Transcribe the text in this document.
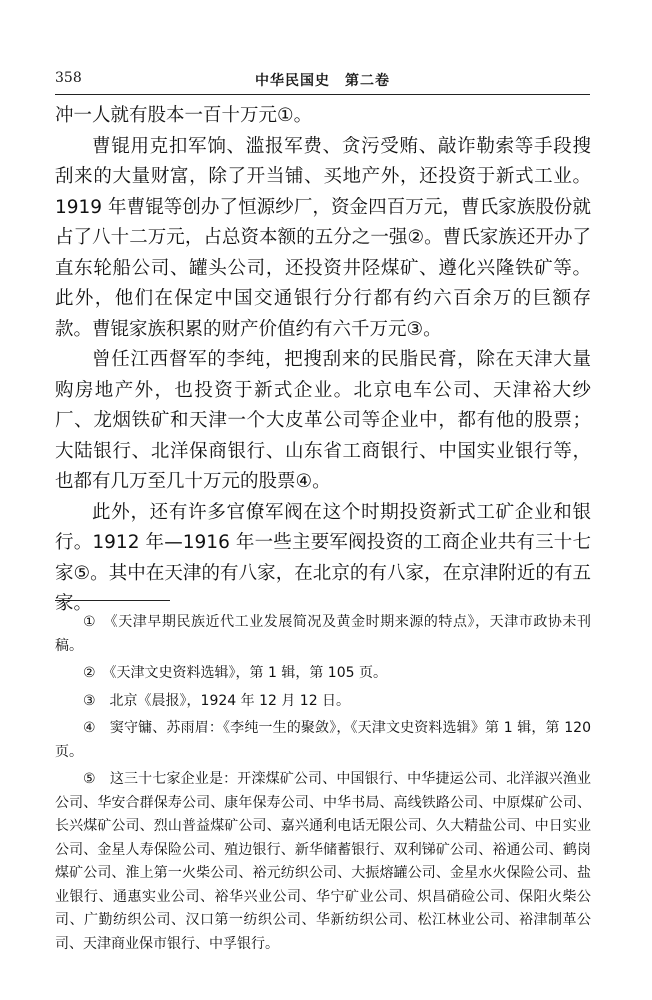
358	中华民国史　第二卷

冲一人就有股本一百十万元①。

曹锟用克扣军饷、滥报军费、贪污受贿、敲诈勒索等手段搜刮来的大量财富，除了开当铺、买地产外，还投资于新式工业。1919 年曹锟等创办了恒源纱厂，资金四百万元，曹氏家族股份就占了八十二万元，占总资本额的五分之一强②。曹氏家族还开办了直东轮船公司、罐头公司，还投资井陉煤矿、遵化兴隆铁矿等。此外，他们在保定中国交通银行分行都有约六百余万的巨额存款。曹锟家族积累的财产价值约有六千万元③。

曾任江西督军的李纯，把搜刮来的民脂民膏，除在天津大量购房地产外，也投资于新式企业。北京电车公司、天津裕大纱厂、龙烟铁矿和天津一个大皮革公司等企业中，都有他的股票；大陆银行、北洋保商银行、山东省工商银行、中国实业银行等，也都有几万至几十万元的股票④。

此外，还有许多官僚军阀在这个时期投资新式工矿企业和银行。1912 年—1916 年一些主要军阀投资的工商企业共有三十七家⑤。其中在天津的有八家，在北京的有八家，在京津附近的有五家。

①　《天津早期民族近代工业发展简况及黄金时期来源的特点》，天津市政协未刊稿。

②　《天津文史资料选辑》，第 1 辑，第 105 页。

③　北京《晨报》，1924 年 12 月 12 日。

④　窦守镛、苏雨眉：《李纯一生的聚敛》，《天津文史资料选辑》第 1 辑，第 120 页。

⑤　这三十七家企业是：开滦煤矿公司、中国银行、中华捷运公司、北洋淑兴渔业公司、华安合群保寿公司、康年保寿公司、中华书局、高线铁路公司、中原煤矿公司、长兴煤矿公司、烈山普益煤矿公司、嘉兴通利电话无限公司、久大精盐公司、中日实业公司、金星人寿保险公司、殖边银行、新华储蓄银行、双利锑矿公司、裕通公司、鹤岗煤矿公司、淮上第一火柴公司、裕元纺织公司、大振熔罐公司、金星水火保险公司、盐业银行、通惠实业公司、裕华兴业公司、华宁矿业公司、炽昌硝硷公司、保阳火柴公司、广勤纺织公司、汉口第一纺织公司、华新纺织公司、松江林业公司、裕津制革公司、天津商业保市银行、中孚银行。
